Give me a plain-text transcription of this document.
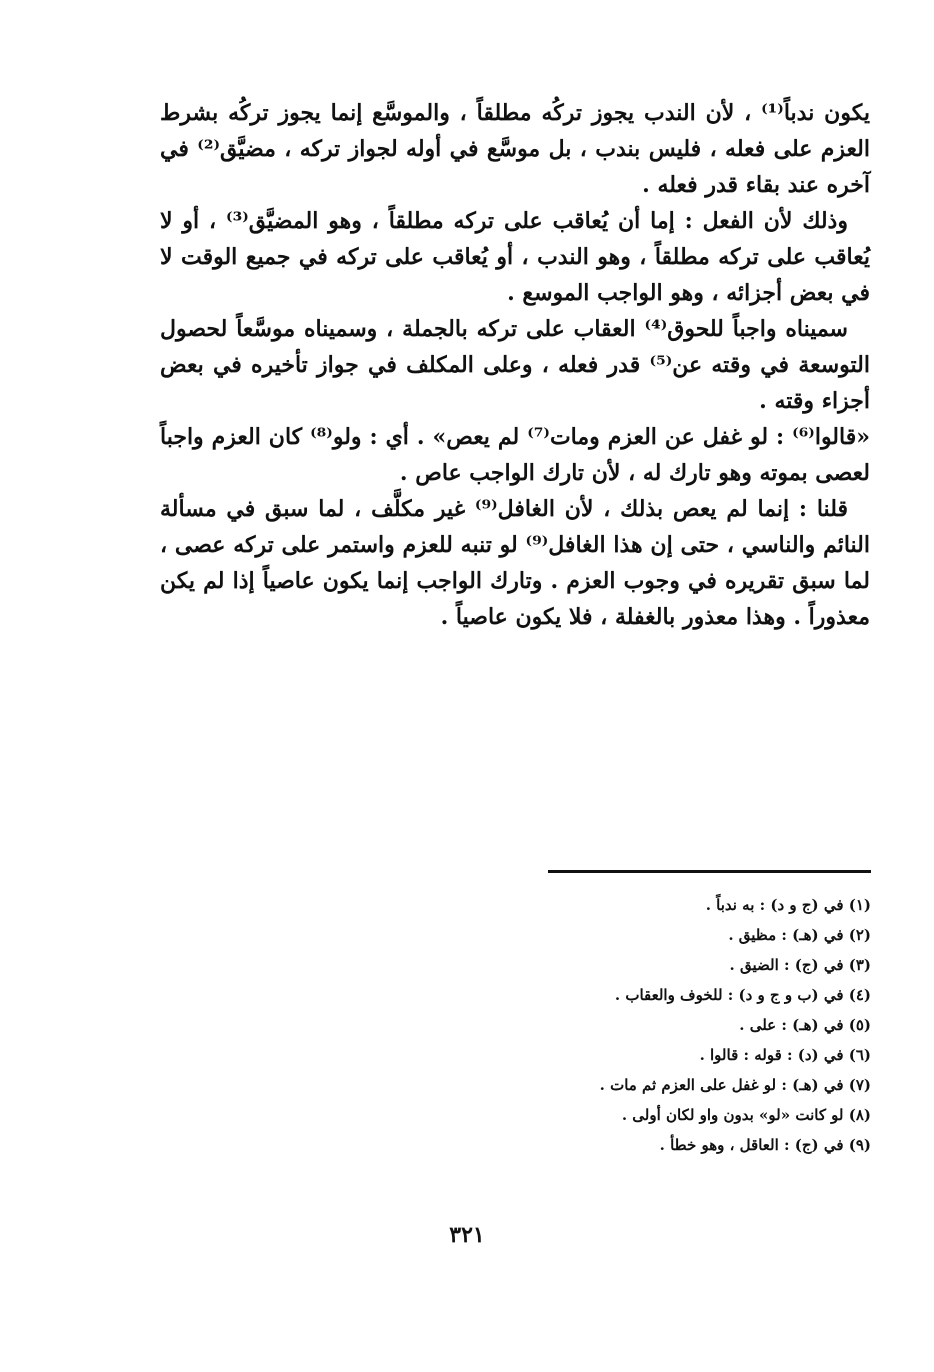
يكون ندباً⁽¹⁾ ، لأن الندب يجوز تركُه مطلقاً ، والموسَّع إنما يجوز تركُه بشرط العزم على فعله ، فليس بندب ، بل موسَّع في أوله لجواز تركه ، مضيَّق⁽²⁾ في آخره عند بقاء قدر فعله .

وذلك لأن الفعل : إما أن يُعاقب على تركه مطلقاً ، وهو المضيَّق⁽³⁾ ، أو لا يُعاقب على تركه مطلقاً ، وهو الندب ، أو يُعاقب على تركه في جميع الوقت لا في بعض أجزائه ، وهو الواجب الموسع .

سميناه واجباً للحوق⁽⁴⁾ العقاب على تركه بالجملة ، وسميناه موسَّعاً لحصول التوسعة في وقته عن⁽⁵⁾ قدر فعله ، وعلى المكلف في جواز تأخيره في بعض أجزاء وقته .

«قالوا⁽⁶⁾ : لو غفل عن العزم ومات⁽⁷⁾ لم يعص» . أي : ولو⁽⁸⁾ كان العزم واجباً لعصى بموته وهو تارك له ، لأن تارك الواجب عاص .

قلنا : إنما لم يعص بذلك ، لأن الغافل⁽⁹⁾ غير مكلَّف ، لما سبق في مسألة النائم والناسي ، حتى إن هذا الغافل⁽⁹⁾ لو تنبه للعزم واستمر على تركه عصى ، لما سبق تقريره في وجوب العزم . وتارك الواجب إنما يكون عاصياً إذا لم يكن معذوراً . وهذا معذور بالغفلة ، فلا يكون عاصياً .

(١) في (ج و د) : به ندباً .

(٢) في (هـ) : مظيق .

(٣) في (ج) : الضيق .

(٤) في (ب و ج و د) : للخوف والعقاب .

(٥) في (هـ) : على .

(٦) في (د) : قوله : قالوا .

(٧) في (هـ) : لو غفل على العزم ثم مات .

(٨) لو كانت «لو» بدون واو لكان أولى .

(٩) في (ج) : العاقل ، وهو خطأ .

٣٢١
